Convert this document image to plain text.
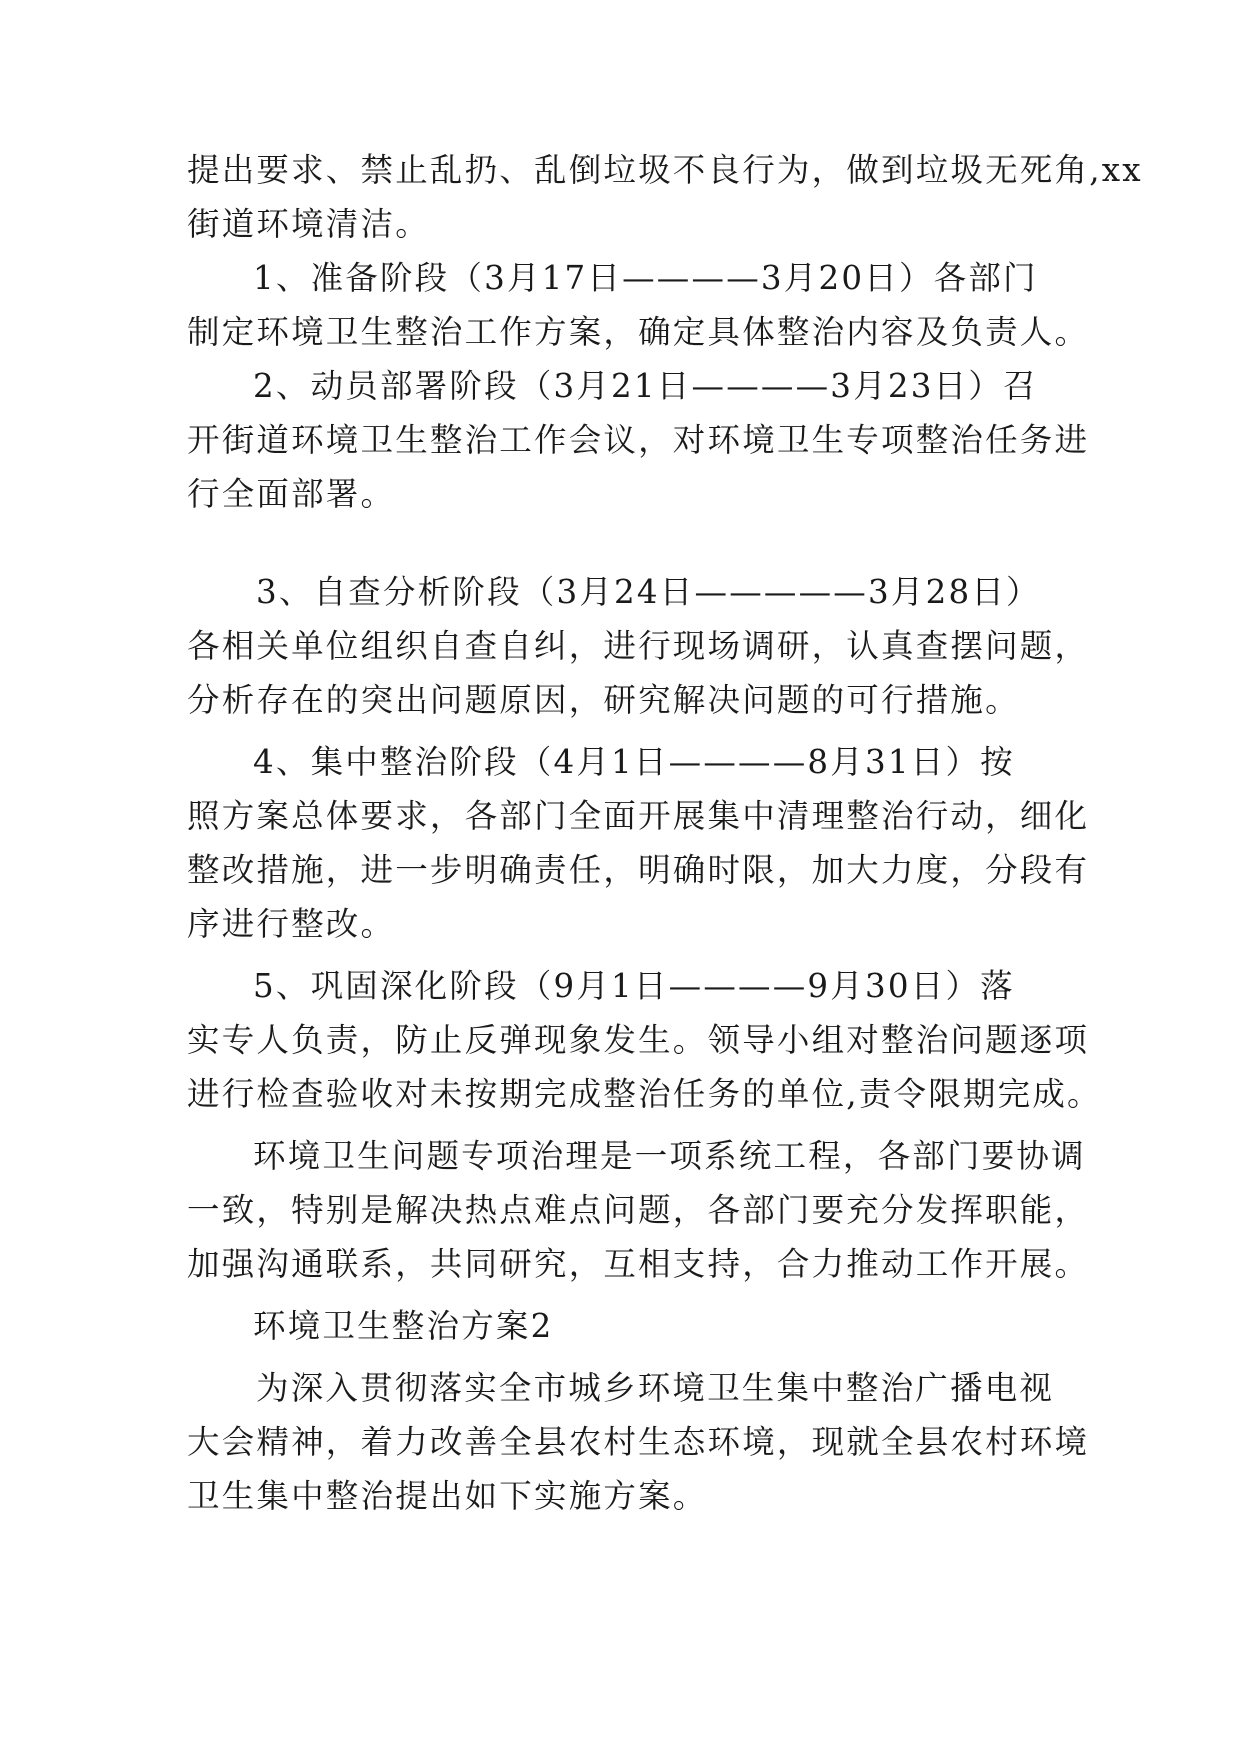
提出要求、禁止乱扔、乱倒垃圾不良行为，做到垃圾无死角,xx
街道环境清洁。
1、准备阶段（3月17日————3月20日）各部门
制定环境卫生整治工作方案，确定具体整治内容及负责人。
2、动员部署阶段（3月21日————3月23日）召
开街道环境卫生整治工作会议，对环境卫生专项整治任务进
行全面部署。
3、自查分析阶段（3月24日—————3月28日）
各相关单位组织自查自纠，进行现场调研，认真查摆问题，
分析存在的突出问题原因，研究解决问题的可行措施。
4、集中整治阶段（4月1日————8月31日）按
照方案总体要求，各部门全面开展集中清理整治行动，细化
整改措施，进一步明确责任，明确时限，加大力度，分段有
序进行整改。
5、巩固深化阶段（9月1日————9月30日）落
实专人负责，防止反弹现象发生。领导小组对整治问题逐项
进行检查验收对未按期完成整治任务的单位,责令限期完成。
环境卫生问题专项治理是一项系统工程，各部门要协调
一致，特别是解决热点难点问题，各部门要充分发挥职能，
加强沟通联系，共同研究，互相支持，合力推动工作开展。
环境卫生整治方案2
为深入贯彻落实全市城乡环境卫生集中整治广播电视
大会精神，着力改善全县农村生态环境，现就全县农村环境
卫生集中整治提出如下实施方案。
